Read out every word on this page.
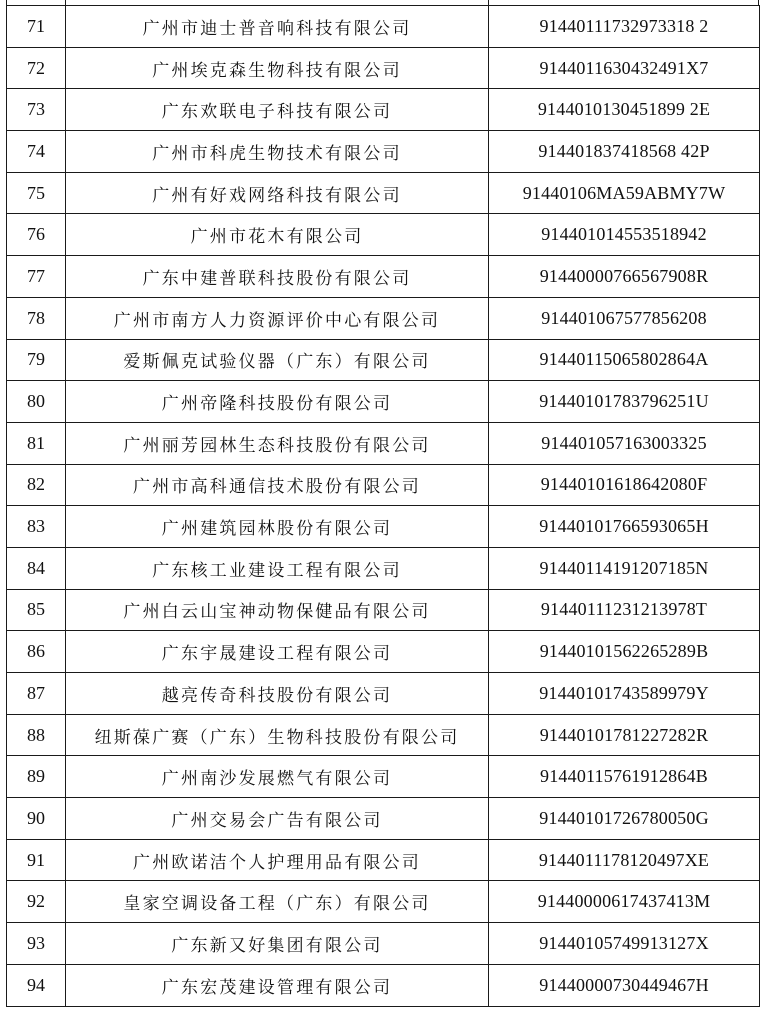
71	广州市迪士普音响科技有限公司	91440111732973318 2
72	广州埃克森生物科技有限公司	9144011630432491X7
73	广东欢联电子科技有限公司	9144010130451899 2E
74	广州市科虎生物技术有限公司	914401837418568 42P
75	广州有好戏网络科技有限公司	91440106MA59ABMY7W
76	广州市花木有限公司	914401014553518942
77	广东中建普联科技股份有限公司	91440000766567908R
78	广州市南方人力资源评价中心有限公司	914401067577856208
79	爱斯佩克试验仪器（广东）有限公司	91440115065802864A
80	广州帝隆科技股份有限公司	91440101783796251U
81	广州丽芳园林生态科技股份有限公司	914401057163003325
82	广州市高科通信技术股份有限公司	91440101618642080F
83	广州建筑园林股份有限公司	91440101766593065H
84	广东核工业建设工程有限公司	91440114191207185N
85	广州白云山宝神动物保健品有限公司	91440111231213978T
86	广东宇晟建设工程有限公司	91440101562265289B
87	越亮传奇科技股份有限公司	91440101743589979Y
88	纽斯葆广赛（广东）生物科技股份有限公司	91440101781227282R
89	广州南沙发展燃气有限公司	91440115761912864B
90	广州交易会广告有限公司	91440101726780050G
91	广州欧诺洁个人护理用品有限公司	9144011178120497XE
92	皇家空调设备工程（广东）有限公司	91440000617437413M
93	广东新又好集团有限公司	91440105749913127X
94	广东宏茂建设管理有限公司	91440000730449467H
